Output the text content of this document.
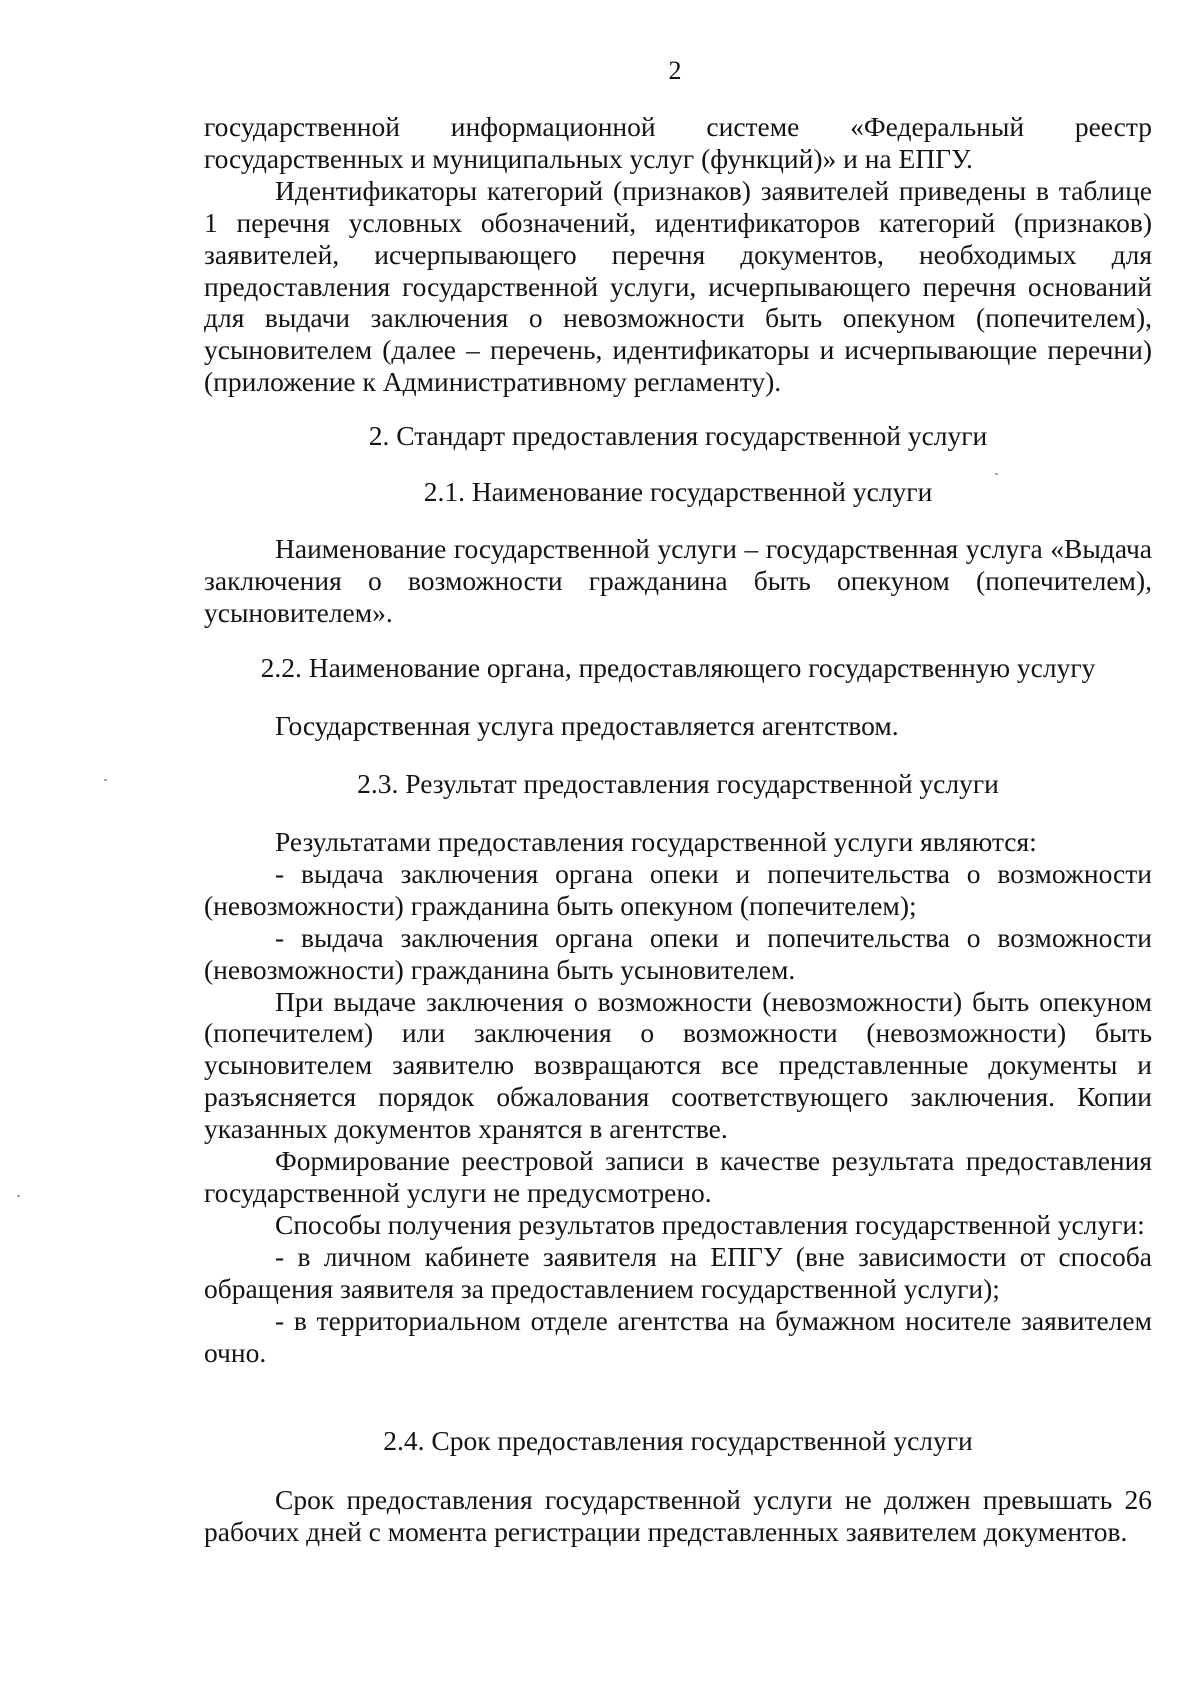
2

государственной информационной системе «Федеральный реестр государственных и муниципальных услуг (функций)» и на ЕПГУ.

Идентификаторы категорий (признаков) заявителей приведены в таблице 1 перечня условных обозначений, идентификаторов категорий (признаков) заявителей, исчерпывающего перечня документов, необходимых для предоставления государственной услуги, исчерпывающего перечня оснований для выдачи заключения о невозможности быть опекуном (попечителем), усыновителем (далее – перечень, идентификаторы и исчерпывающие перечни) (приложение к Административному регламенту).

2. Стандарт предоставления государственной услуги
2.1. Наименование государственной услуги

Наименование государственной услуги – государственная услуга «Выдача заключения о возможности гражданина быть опекуном (попечителем), усыновителем».

2.2. Наименование органа, предоставляющего государственную услугу

Государственная услуга предоставляется агентством.

2.3. Результат предоставления государственной услуги

Результатами предоставления государственной услуги являются:

- выдача заключения органа опеки и попечительства о возможности (невозможности) гражданина быть опекуном (попечителем);

- выдача заключения органа опеки и попечительства о возможности (невозможности) гражданина быть усыновителем.

При выдаче заключения о возможности (невозможности) быть опекуном (попечителем) или заключения о возможности (невозможности) быть усыновителем заявителю возвращаются все представленные документы и разъясняется порядок обжалования соответствующего заключения. Копии указанных документов хранятся в агентстве.

Формирование реестровой записи в качестве результата предоставления государственной услуги не предусмотрено.

Способы получения результатов предоставления государственной услуги:

- в личном кабинете заявителя на ЕПГУ (вне зависимости от способа обращения заявителя за предоставлением государственной услуги);

- в территориальном отделе агентства на бумажном носителе заявителем очно.

2.4. Срок предоставления государственной услуги

Срок предоставления государственной услуги не должен превышать 26 рабочих дней с момента регистрации представленных заявителем документов.
